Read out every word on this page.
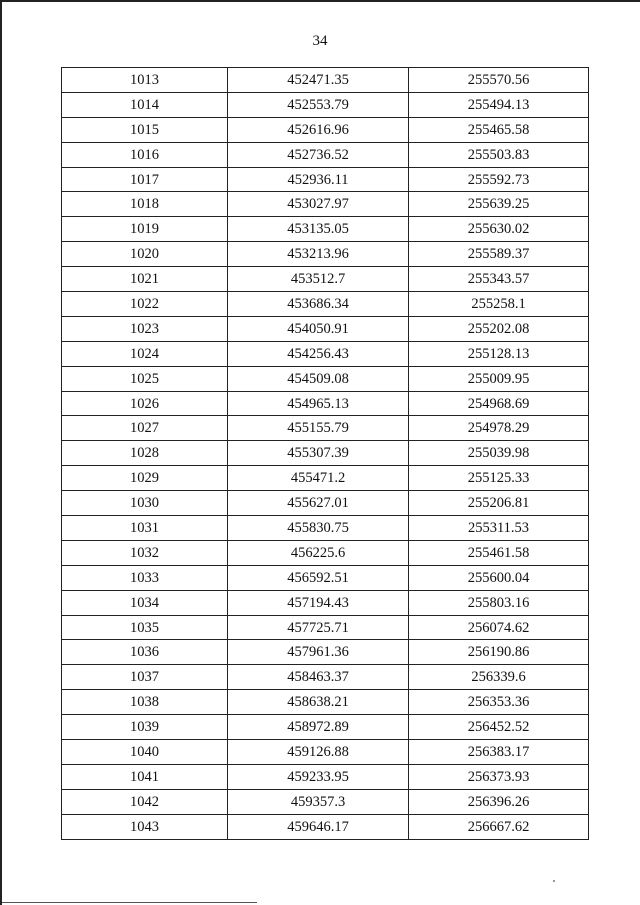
34
1013	452471.35	255570.56
1014	452553.79	255494.13
1015	452616.96	255465.58
1016	452736.52	255503.83
1017	452936.11	255592.73
1018	453027.97	255639.25
1019	453135.05	255630.02
1020	453213.96	255589.37
1021	453512.7	255343.57
1022	453686.34	255258.1
1023	454050.91	255202.08
1024	454256.43	255128.13
1025	454509.08	255009.95
1026	454965.13	254968.69
1027	455155.79	254978.29
1028	455307.39	255039.98
1029	455471.2	255125.33
1030	455627.01	255206.81
1031	455830.75	255311.53
1032	456225.6	255461.58
1033	456592.51	255600.04
1034	457194.43	255803.16
1035	457725.71	256074.62
1036	457961.36	256190.86
1037	458463.37	256339.6
1038	458638.21	256353.36
1039	458972.89	256452.52
1040	459126.88	256383.17
1041	459233.95	256373.93
1042	459357.3	256396.26
1043	459646.17	256667.62
